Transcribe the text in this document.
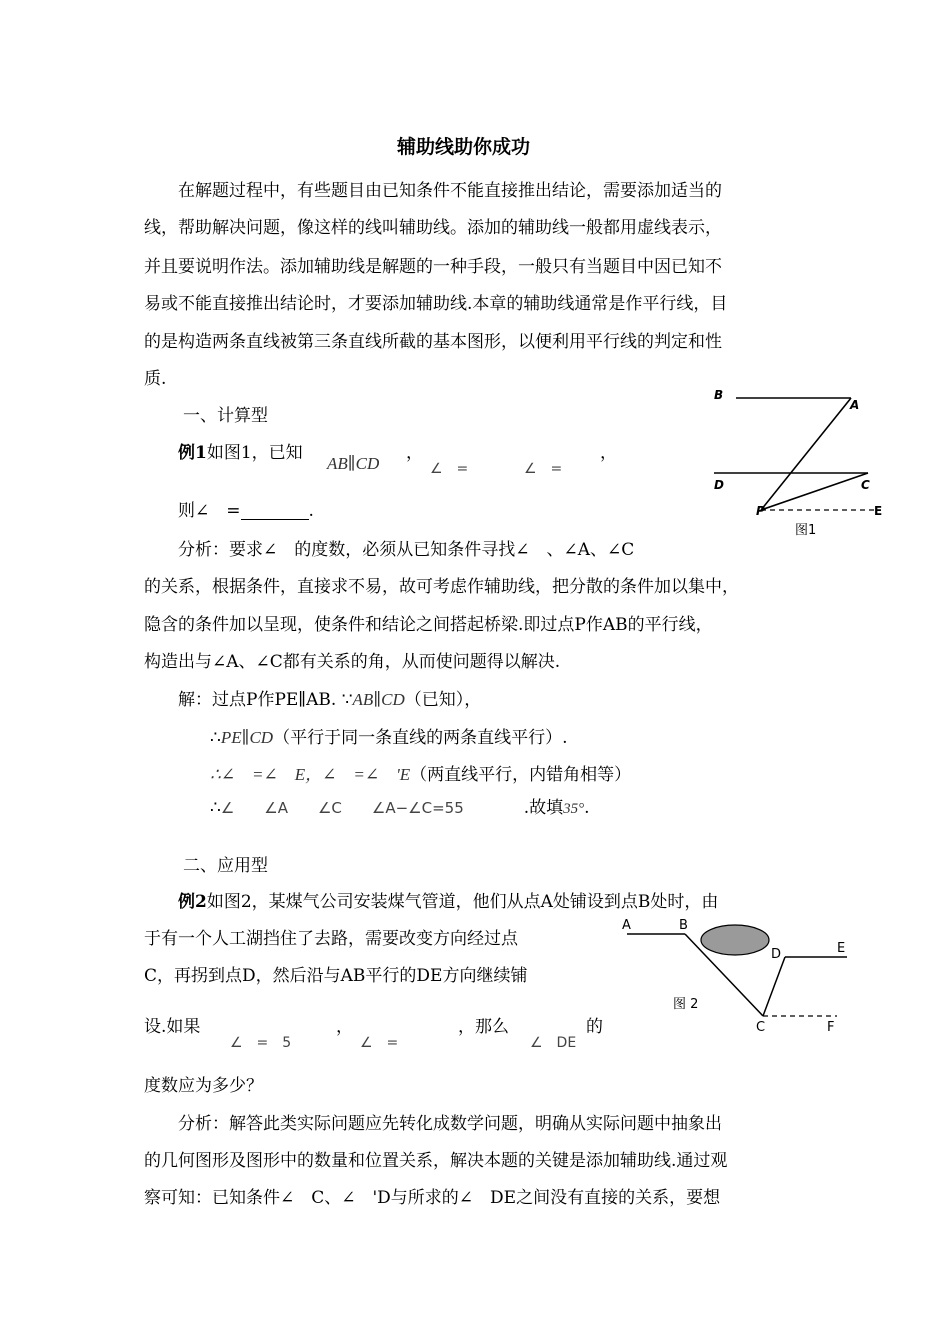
辅助线助你成功
在解题过程中，有些题目由已知条件不能直接推出结论，需要添加适当的
线，帮助解决问题，像这样的线叫辅助线。添加的辅助线一般都用虚线表示，
并且要说明作法。添加辅助线是解题的一种手段，一般只有当题目中因已知不
易或不能直接推出结论时，才要添加辅助线.本章的辅助线通常是作平行线，目
的是构造两条直线被第三条直线所截的基本图形，以便利用平行线的判定和性
质.
一、计算型
例1如图1，已知
AB∥CD
，
∠　=　	∠　=　
，
则∠　=	.
B
A
D	C
P	E
图1
分析：要求∠　的度数，必须从已知条件寻找∠　、∠A、∠C
的关系，根据条件，直接求不易，故可考虑作辅助线，把分散的条件加以集中，
隐含的条件加以呈现，使条件和结论之间搭起桥梁.即过点P作AB的平行线，
构造出与∠A、∠C都有关系的角，从而使问题得以解决.
解：过点P作PE∥AB. ∵AB∥CD（已知），
∴PE∥CD（平行于同一条直线的两条直线平行）.
∴∠　=∠　E，∠　=∠　'E（两直线平行，内错角相等）
∴∠　　∠A　　∠C　　∠A−∠C=55	.故填35°.
二、应用型
例2如图2，某煤气公司安装煤气管道，他们从点A处铺设到点B处时，由
于有一个人工湖挡住了去路，需要改变方向经过点
C，再拐到点D，然后沿与AB平行的DE方向继续铺
设.如果
∠　=　5
，
∠　=
，那么
∠　DE
的
度数应为多少？
A	B
D	E
C	F
图 2
分析：解答此类实际问题应先转化成数学问题，明确从实际问题中抽象出
的几何图形及图形中的数量和位置关系，解决本题的关键是添加辅助线.通过观
察可知：已知条件∠　C、∠　'D与所求的∠　DE之间没有直接的关系，要想
